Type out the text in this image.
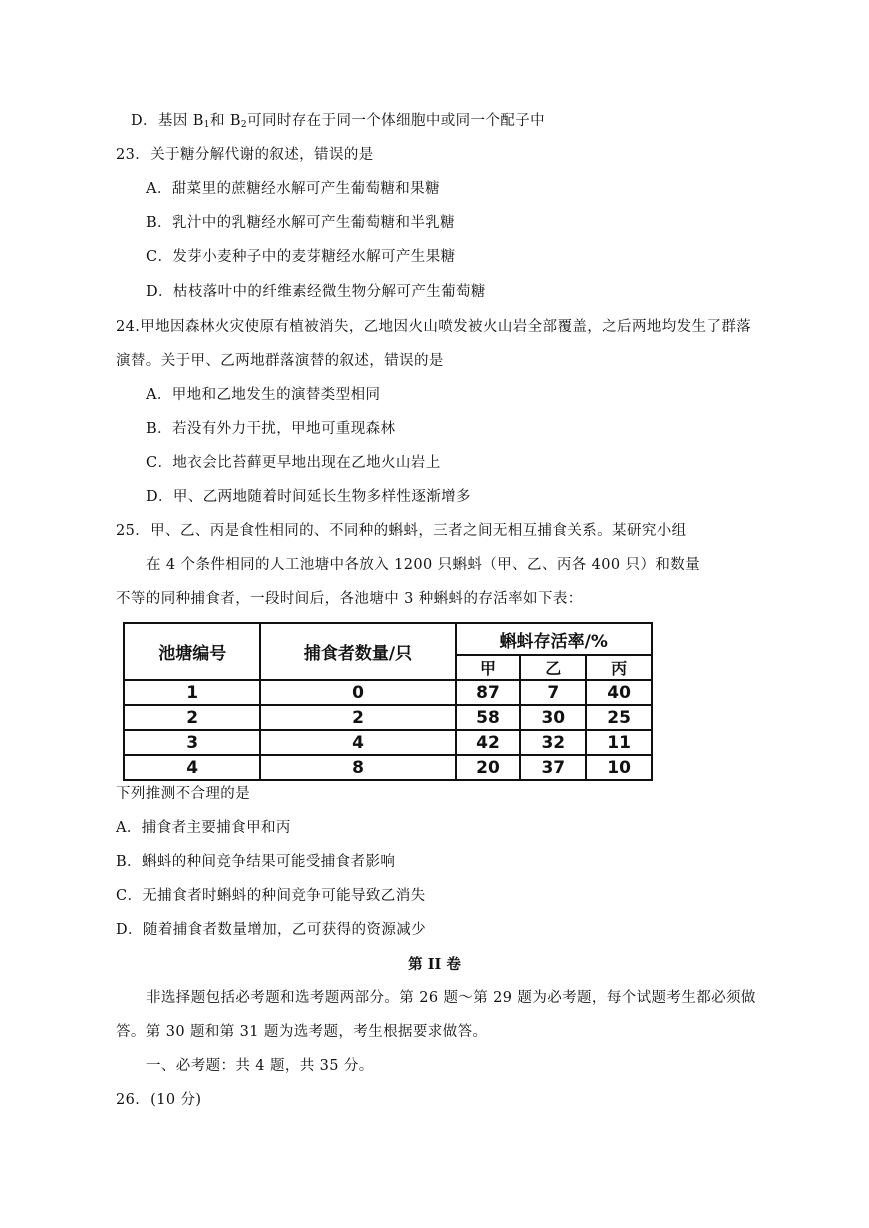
D．基因 $B_1$和 $B_2$可同时存在于同一个体细胞中或同一个配子中
23．关于糖分解代谢的叙述，错误的是
A．甜菜里的蔗糖经水解可产生葡萄糖和果糖
B．乳汁中的乳糖经水解可产生葡萄糖和半乳糖
C．发芽小麦种子中的麦芽糖经水解可产生果糖
D．枯枝落叶中的纤维素经微生物分解可产生葡萄糖
24.甲地因森林火灾使原有植被消失，乙地因火山喷发被火山岩全部覆盖，之后两地均发生了群落
演替。关于甲、乙两地群落演替的叙述，错误的是
A．甲地和乙地发生的演替类型相同
B．若没有外力干扰，甲地可重现森林
C．地衣会比苔藓更早地出现在乙地火山岩上
D．甲、乙两地随着时间延长生物多样性逐渐增多
25．甲、乙、丙是食性相同的、不同种的蝌蚪，三者之间无相互捕食关系。某研究小组
在 4 个条件相同的人工池塘中各放入 1200 只蝌蚪（甲、乙、丙各 400 只）和数量
不等的同种捕食者，一段时间后，各池塘中 3 种蝌蚪的存活率如下表：
池塘编号	捕食者数量/只	蝌蚪存活率/%		
		甲	乙	丙
1	0	87	7	40
2	2	58	30	25
3	4	42	32	11
4	8	20	37	10
下列推测不合理的是
A．捕食者主要捕食甲和丙
B．蝌蚪的种间竞争结果可能受捕食者影响
C．无捕食者时蝌蚪的种间竞争可能导致乙消失
D．随着捕食者数量增加，乙可获得的资源减少
第 II 卷
非选择题包括必考题和选考题两部分。第 26 题～第 29 题为必考题，每个试题考生都必须做
答。第 30 题和第 31 题为选考题，考生根据要求做答。
一、必考题：共 4 题，共 35 分。
26．(10 分)
